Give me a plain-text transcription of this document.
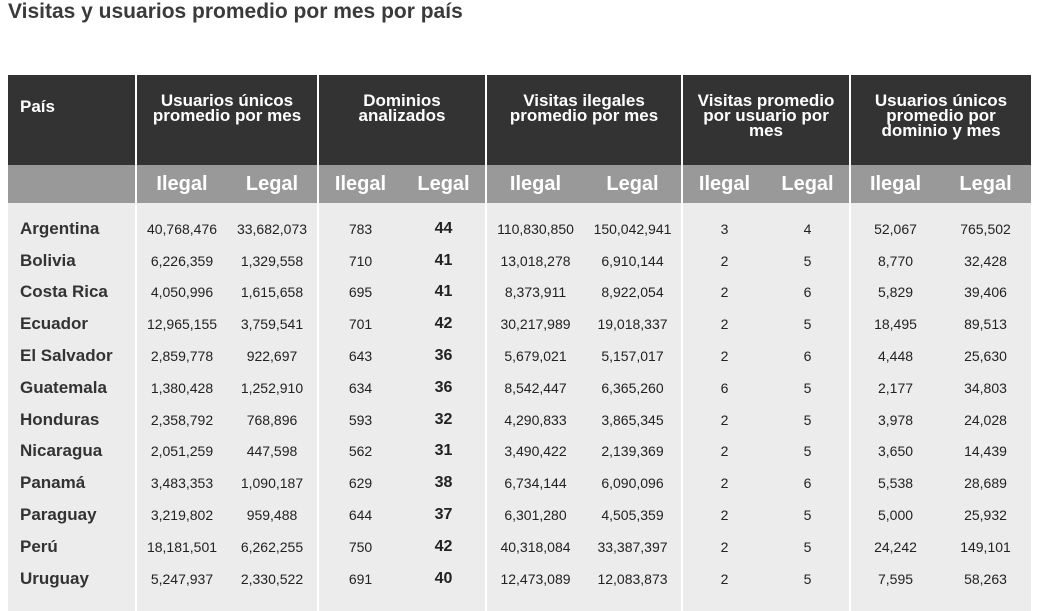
Visitas y usuarios promedio por mes por país
País	Usuarios únicos promedio por mes		Dominios analizados		Visitas ilegales promedio por mes		Visitas promedio por usuario por mes		Usuarios únicos promedio por dominio y mes	
	Ilegal	Legal	Ilegal	Legal	Ilegal	Legal	Ilegal	Legal	Ilegal	Legal
Argentina	40,768,476	33,682,073	783	44	110,830,850	150,042,941	3	4	52,067	765,502
Bolivia	6,226,359	1,329,558	710	41	13,018,278	6,910,144	2	5	8,770	32,428
Costa Rica	4,050,996	1,615,658	695	41	8,373,911	8,922,054	2	6	5,829	39,406
Ecuador	12,965,155	3,759,541	701	42	30,217,989	19,018,337	2	5	18,495	89,513
El Salvador	2,859,778	922,697	643	36	5,679,021	5,157,017	2	6	4,448	25,630
Guatemala	1,380,428	1,252,910	634	36	8,542,447	6,365,260	6	5	2,177	34,803
Honduras	2,358,792	768,896	593	32	4,290,833	3,865,345	2	5	3,978	24,028
Nicaragua	2,051,259	447,598	562	31	3,490,422	2,139,369	2	5	3,650	14,439
Panamá	3,483,353	1,090,187	629	38	6,734,144	6,090,096	2	6	5,538	28,689
Paraguay	3,219,802	959,488	644	37	6,301,280	4,505,359	2	5	5,000	25,932
Perú	18,181,501	6,262,255	750	42	40,318,084	33,387,397	2	5	24,242	149,101
Uruguay	5,247,937	2,330,522	691	40	12,473,089	12,083,873	2	5	7,595	58,263
